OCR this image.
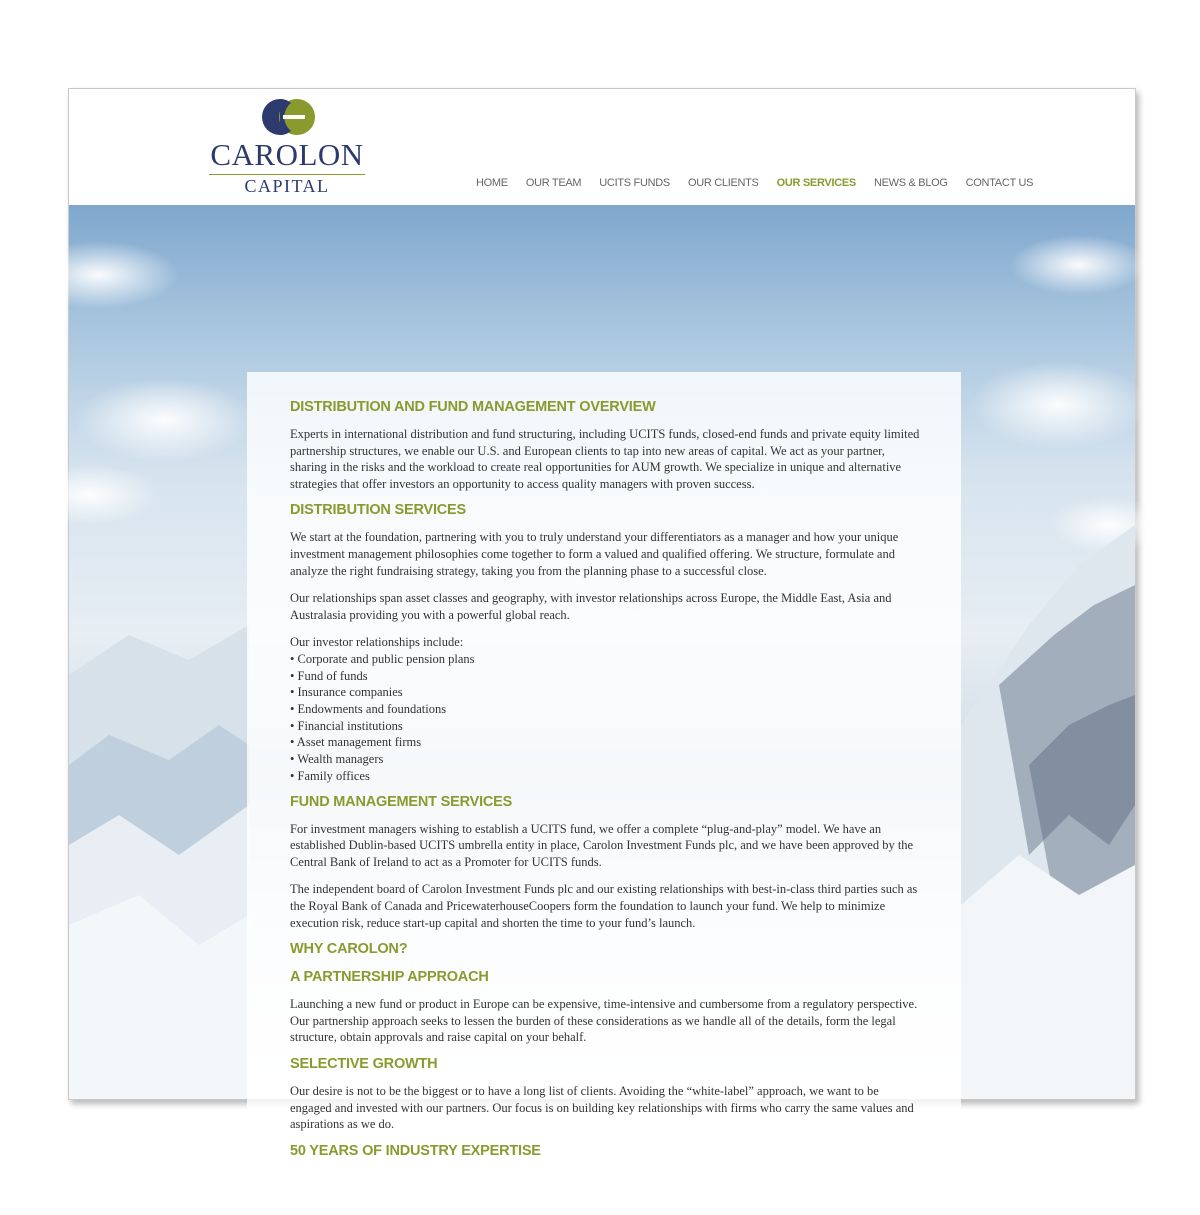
CAROLON
CAPITAL	HOME OUR TEAM UCITS FUNDS OUR CLIENTS OUR SERVICES NEWS & BLOG CONTACT US
DISTRIBUTION AND FUND MANAGEMENT OVERVIEW

Experts in international distribution and fund structuring, including UCITS funds, closed-end funds and private equity limited partnership structures, we enable our U.S. and European clients to tap into new areas of capital. We act as your partner, sharing in the risks and the workload to create real opportunities for AUM growth. We specialize in unique and alternative strategies that offer investors an opportunity to access quality managers with proven success.

DISTRIBUTION SERVICES

We start at the foundation, partnering with you to truly understand your differentiators as a manager and how your unique investment management philosophies come together to form a valued and qualified offering. We structure, formulate and analyze the right fundraising strategy, taking you from the planning phase to a successful close.

Our relationships span asset classes and geography, with investor relationships across Europe, the Middle East, Asia and Australasia providing you with a powerful global reach.

Our investor relationships include:

• Corporate and public pension plans
• Fund of funds
• Insurance companies
• Endowments and foundations
• Financial institutions
• Asset management firms
• Wealth managers
• Family offices
FUND MANAGEMENT SERVICES

For investment managers wishing to establish a UCITS fund, we offer a complete “plug-and-play” model. We have an established Dublin-based UCITS umbrella entity in place, Carolon Investment Funds plc, and we have been approved by the Central Bank of Ireland to act as a Promoter for UCITS funds.

The independent board of Carolon Investment Funds plc and our existing relationships with best-in-class third parties such as the Royal Bank of Canada and PricewaterhouseCoopers form the foundation to launch your fund. We help to minimize execution risk, reduce start-up capital and shorten the time to your fund’s launch.

WHY CAROLON?
A PARTNERSHIP APPROACH

Launching a new fund or product in Europe can be expensive, time-intensive and cumbersome from a regulatory perspective. Our partnership approach seeks to lessen the burden of these considerations as we handle all of the details, form the legal structure, obtain approvals and raise capital on your behalf.

SELECTIVE GROWTH

Our desire is not to be the biggest or to have a long list of clients. Avoiding the “white-label” approach, we want to be engaged and invested with our partners. Our focus is on building key relationships with firms who carry the same values and aspirations as we do.

50 YEARS OF INDUSTRY EXPERTISE
